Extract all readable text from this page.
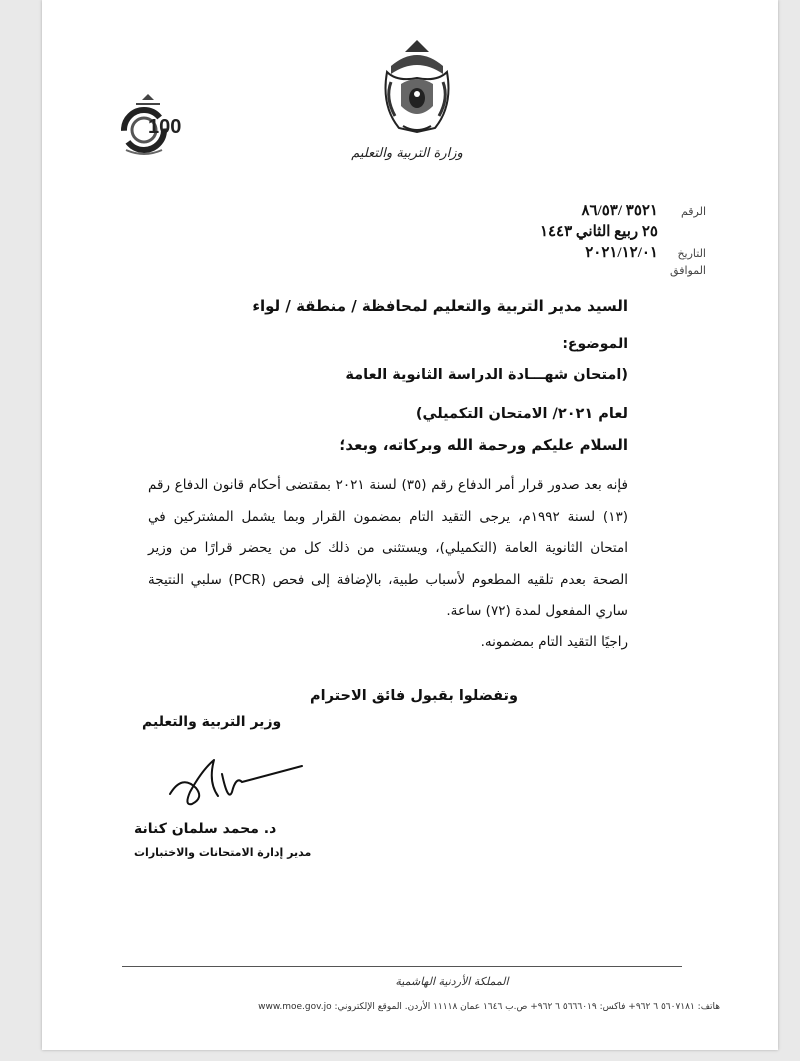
وزارة التربية والتعليم
100
الرقم
٣٥٢١ /٨٦/٥٣
٢٥ ربيع الثاني ١٤٤٣
التاريخ
٢٠٢١/١٢/٠١
الموافق
السيد مدير التربية والتعليم لمحافظة / منطقة / لواء
الموضوع:
(امتحان شهـــادة الدراسة الثانوية العامة
لعام ٢٠٢١/ الامتحان التكميلي)
السلام عليكم ورحمة الله وبركاته، وبعد؛
فإنه بعد صدور قرار أمر الدفاع رقم (٣٥) لسنة ٢٠٢١ بمقتضى أحكام قانون الدفاع رقم (١٣) لسنة ١٩٩٢م، يرجى التقيد التام بمضمون القرار وبما يشمل المشتركين في امتحان الثانوية العامة (التكميلي)، ويستثنى من ذلك كل من يحضر قرارًا من وزير الصحة بعدم تلقيه المطعوم لأسباب طبية، بالإضافة إلى فحص (PCR) سلبي النتيجة ساري المفعول لمدة (٧٢) ساعة.
راجيًا التقيد التام بمضمونه.
وتفضلوا بقبول فائق الاحترام
وزير التربية والتعليم
د. محمد سلمان كنانة
مدير إدارة الامتحانات والاختبارات
المملكة الأردنية الهاشمية
هاتف: ٥٦٠٧١٨١ ٦ ٩٦٢+ فاكس: ٥٦٦٦٠١٩ ٦ ٩٦٢+ ص.ب ١٦٤٦ عمان ١١١١٨ الأردن. الموقع الإلكتروني: www.moe.gov.jo
